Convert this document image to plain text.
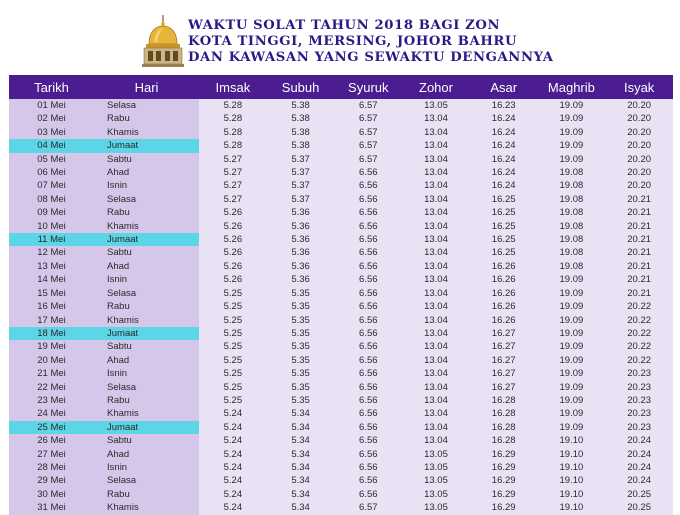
WAKTU SOLAT TAHUN 2018 BAGI ZON
KOTA TINGGI, MERSING, JOHOR BAHRU
DAN KAWASAN YANG SEWAKTU DENGANNYA
Tarikh	Hari	Imsak	Subuh	Syuruk	Zohor	Asar	Maghrib	Isyak
01 Mei	Selasa	5.28	5.38	6.57	13.05	16.23	19.09	20.20
02 Mei	Rabu	5.28	5.38	6.57	13.04	16.24	19.09	20.20
03 Mei	Khamis	5.28	5.38	6.57	13.04	16.24	19.09	20.20
04 Mei	Jumaat	5.28	5.38	6.57	13.04	16.24	19.09	20.20
05 Mei	Sabtu	5.27	5.37	6.57	13.04	16.24	19.09	20.20
06 Mei	Ahad	5.27	5.37	6.56	13.04	16.24	19.08	20.20
07 Mei	Isnin	5.27	5.37	6.56	13.04	16.24	19.08	20.20
08 Mei	Selasa	5.27	5.37	6.56	13.04	16.25	19.08	20.21
09 Mei	Rabu	5.26	5.36	6.56	13.04	16.25	19.08	20.21
10 Mei	Khamis	5.26	5.36	6.56	13.04	16.25	19.08	20.21
11 Mei	Jumaat	5.26	5.36	6.56	13.04	16.25	19.08	20.21
12 Mei	Sabtu	5.26	5.36	6.56	13.04	16.25	19.08	20.21
13 Mei	Ahad	5.26	5.36	6.56	13.04	16.26	19.08	20.21
14 Mei	Isnin	5.26	5.36	6.56	13.04	16.26	19.09	20.21
15 Mei	Selasa	5.25	5.35	6.56	13.04	16.26	19.09	20.21
16 Mei	Rabu	5.25	5.35	6.56	13.04	16.26	19.09	20.22
17 Mei	Khamis	5.25	5.35	6.56	13.04	16.26	19.09	20.22
18 Mei	Jumaat	5.25	5.35	6.56	13.04	16.27	19.09	20.22
19 Mei	Sabtu	5.25	5.35	6.56	13.04	16.27	19.09	20.22
20 Mei	Ahad	5.25	5.35	6.56	13.04	16.27	19.09	20.22
21 Mei	Isnin	5.25	5.35	6.56	13.04	16.27	19.09	20.23
22 Mei	Selasa	5.25	5.35	6.56	13.04	16.27	19.09	20.23
23 Mei	Rabu	5.25	5.35	6.56	13.04	16.28	19.09	20.23
24 Mei	Khamis	5.24	5.34	6.56	13.04	16.28	19.09	20.23
25 Mei	Jumaat	5.24	5.34	6.56	13.04	16.28	19.09	20.23
26 Mei	Sabtu	5.24	5.34	6.56	13.04	16.28	19.10	20.24
27 Mei	Ahad	5.24	5.34	6.56	13.05	16.29	19.10	20.24
28 Mei	Isnin	5.24	5.34	6.56	13.05	16.29	19.10	20.24
29 Mei	Selasa	5.24	5.34	6.56	13.05	16.29	19.10	20.24
30 Mei	Rabu	5.24	5.34	6.56	13.05	16.29	19.10	20.25
31 Mei	Khamis	5.24	5.34	6.57	13.05	16.29	19.10	20.25
